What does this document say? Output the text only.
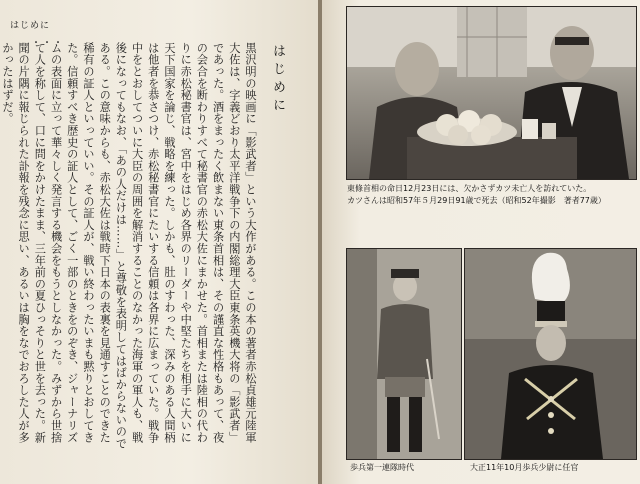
はじめに
・・・
はじめに

黒沢明の映画に「影武者」という大作がある。この本の著者赤松貞雄元陸軍大佐は、字義どおり太平洋戦争下の内閣総理大臣東条英機大将の「影武者」であった。酒をまったく飲まない東条首相は、その謹直な性格もあって、夜の会合を断わりすべて秘書官の赤松大佐にまかせた。首相または陸相の代わりに赤松秘書官は、宮中をはじめ各界のリーダーや中堅たちを相手に大いに天下国家を論じ、戦略を練った。しかも、肚のすわった、深みのある人間柄は他者を恭さつけ、赤松秘書官にたいする信頼は各界に広まっていた。戦争中をとおしてついに大臣の周囲を解消することのなかった海軍の軍人も、戦後になってもなお、「あの人だけは……」と尊敬を表明してはばからないのである。この意味からも、赤松大佐は戦時下日本の表裏を見通すことのできた稀有の証人といっていい。その証人が、戦い終わったいまも黙りとおしてきた。信頼すべき歴史の証人として、ごく一部のときをのぞき、ジャーナリズムの表面に立って華々しく発言する機会をもうとしなかった。みずから世捨て人を称して、口に問をかけたまま、三年前の夏ひっそりと世を去った。新聞の片隅に報じられた訃報を残念に思い、あるいは胸をなでおろした人が多かったはずだ。

東條首相の命日12月23日には、欠かさずカツ未亡人を訪れていた。
カツさんは昭和57年５月29日91歳で死去（昭和52年撮影　著者77歳）
歩兵第一連隊時代	大正11年10月歩兵少尉に任官
